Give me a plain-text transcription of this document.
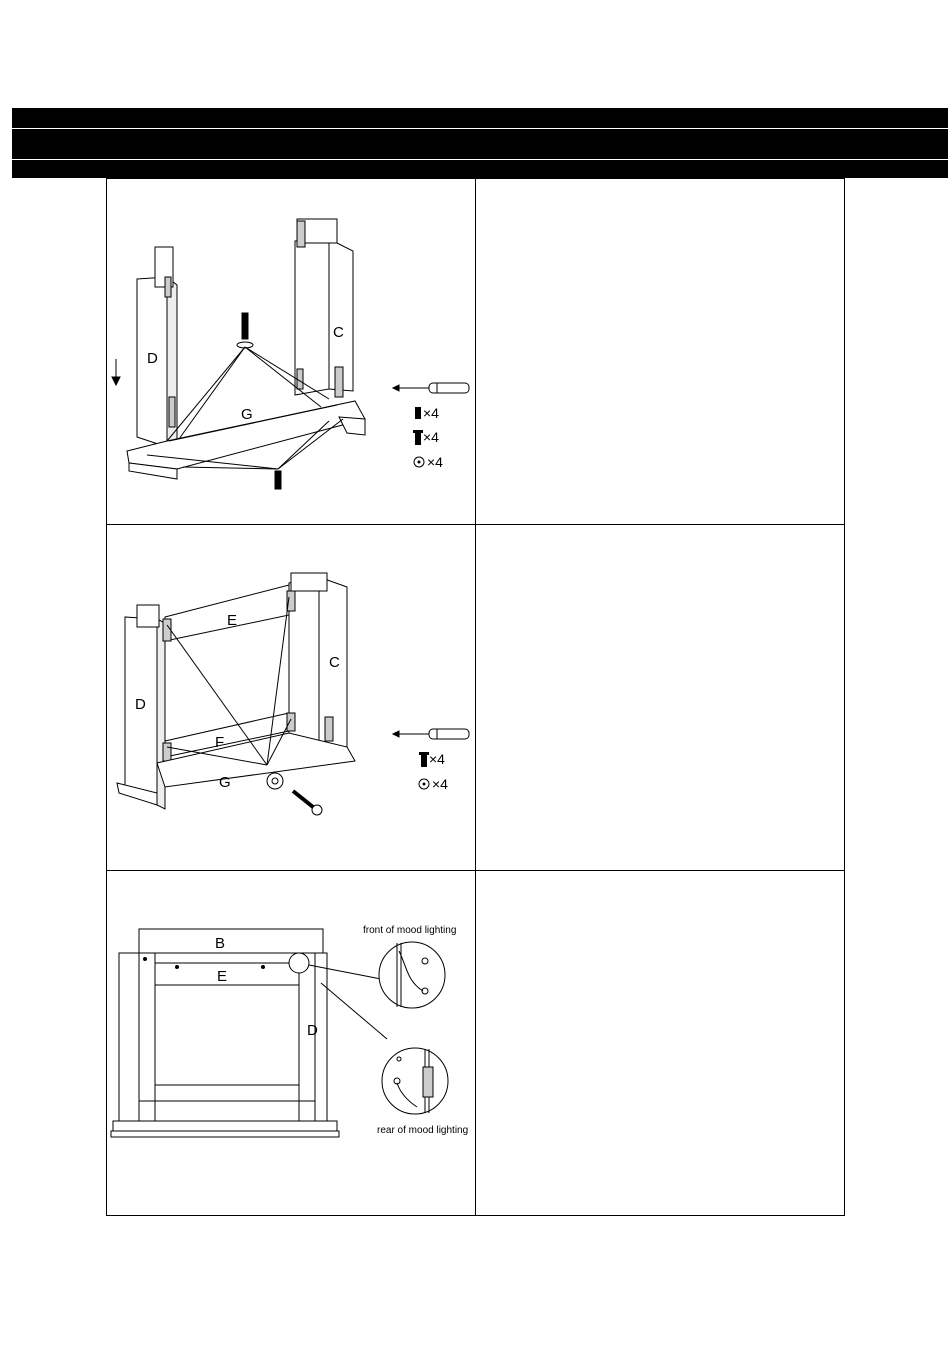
D
C
G	×4
×4
×4
E
C
D
F
G
×4
×4
B
E
D
front of mood lighting
rear of mood lighting
